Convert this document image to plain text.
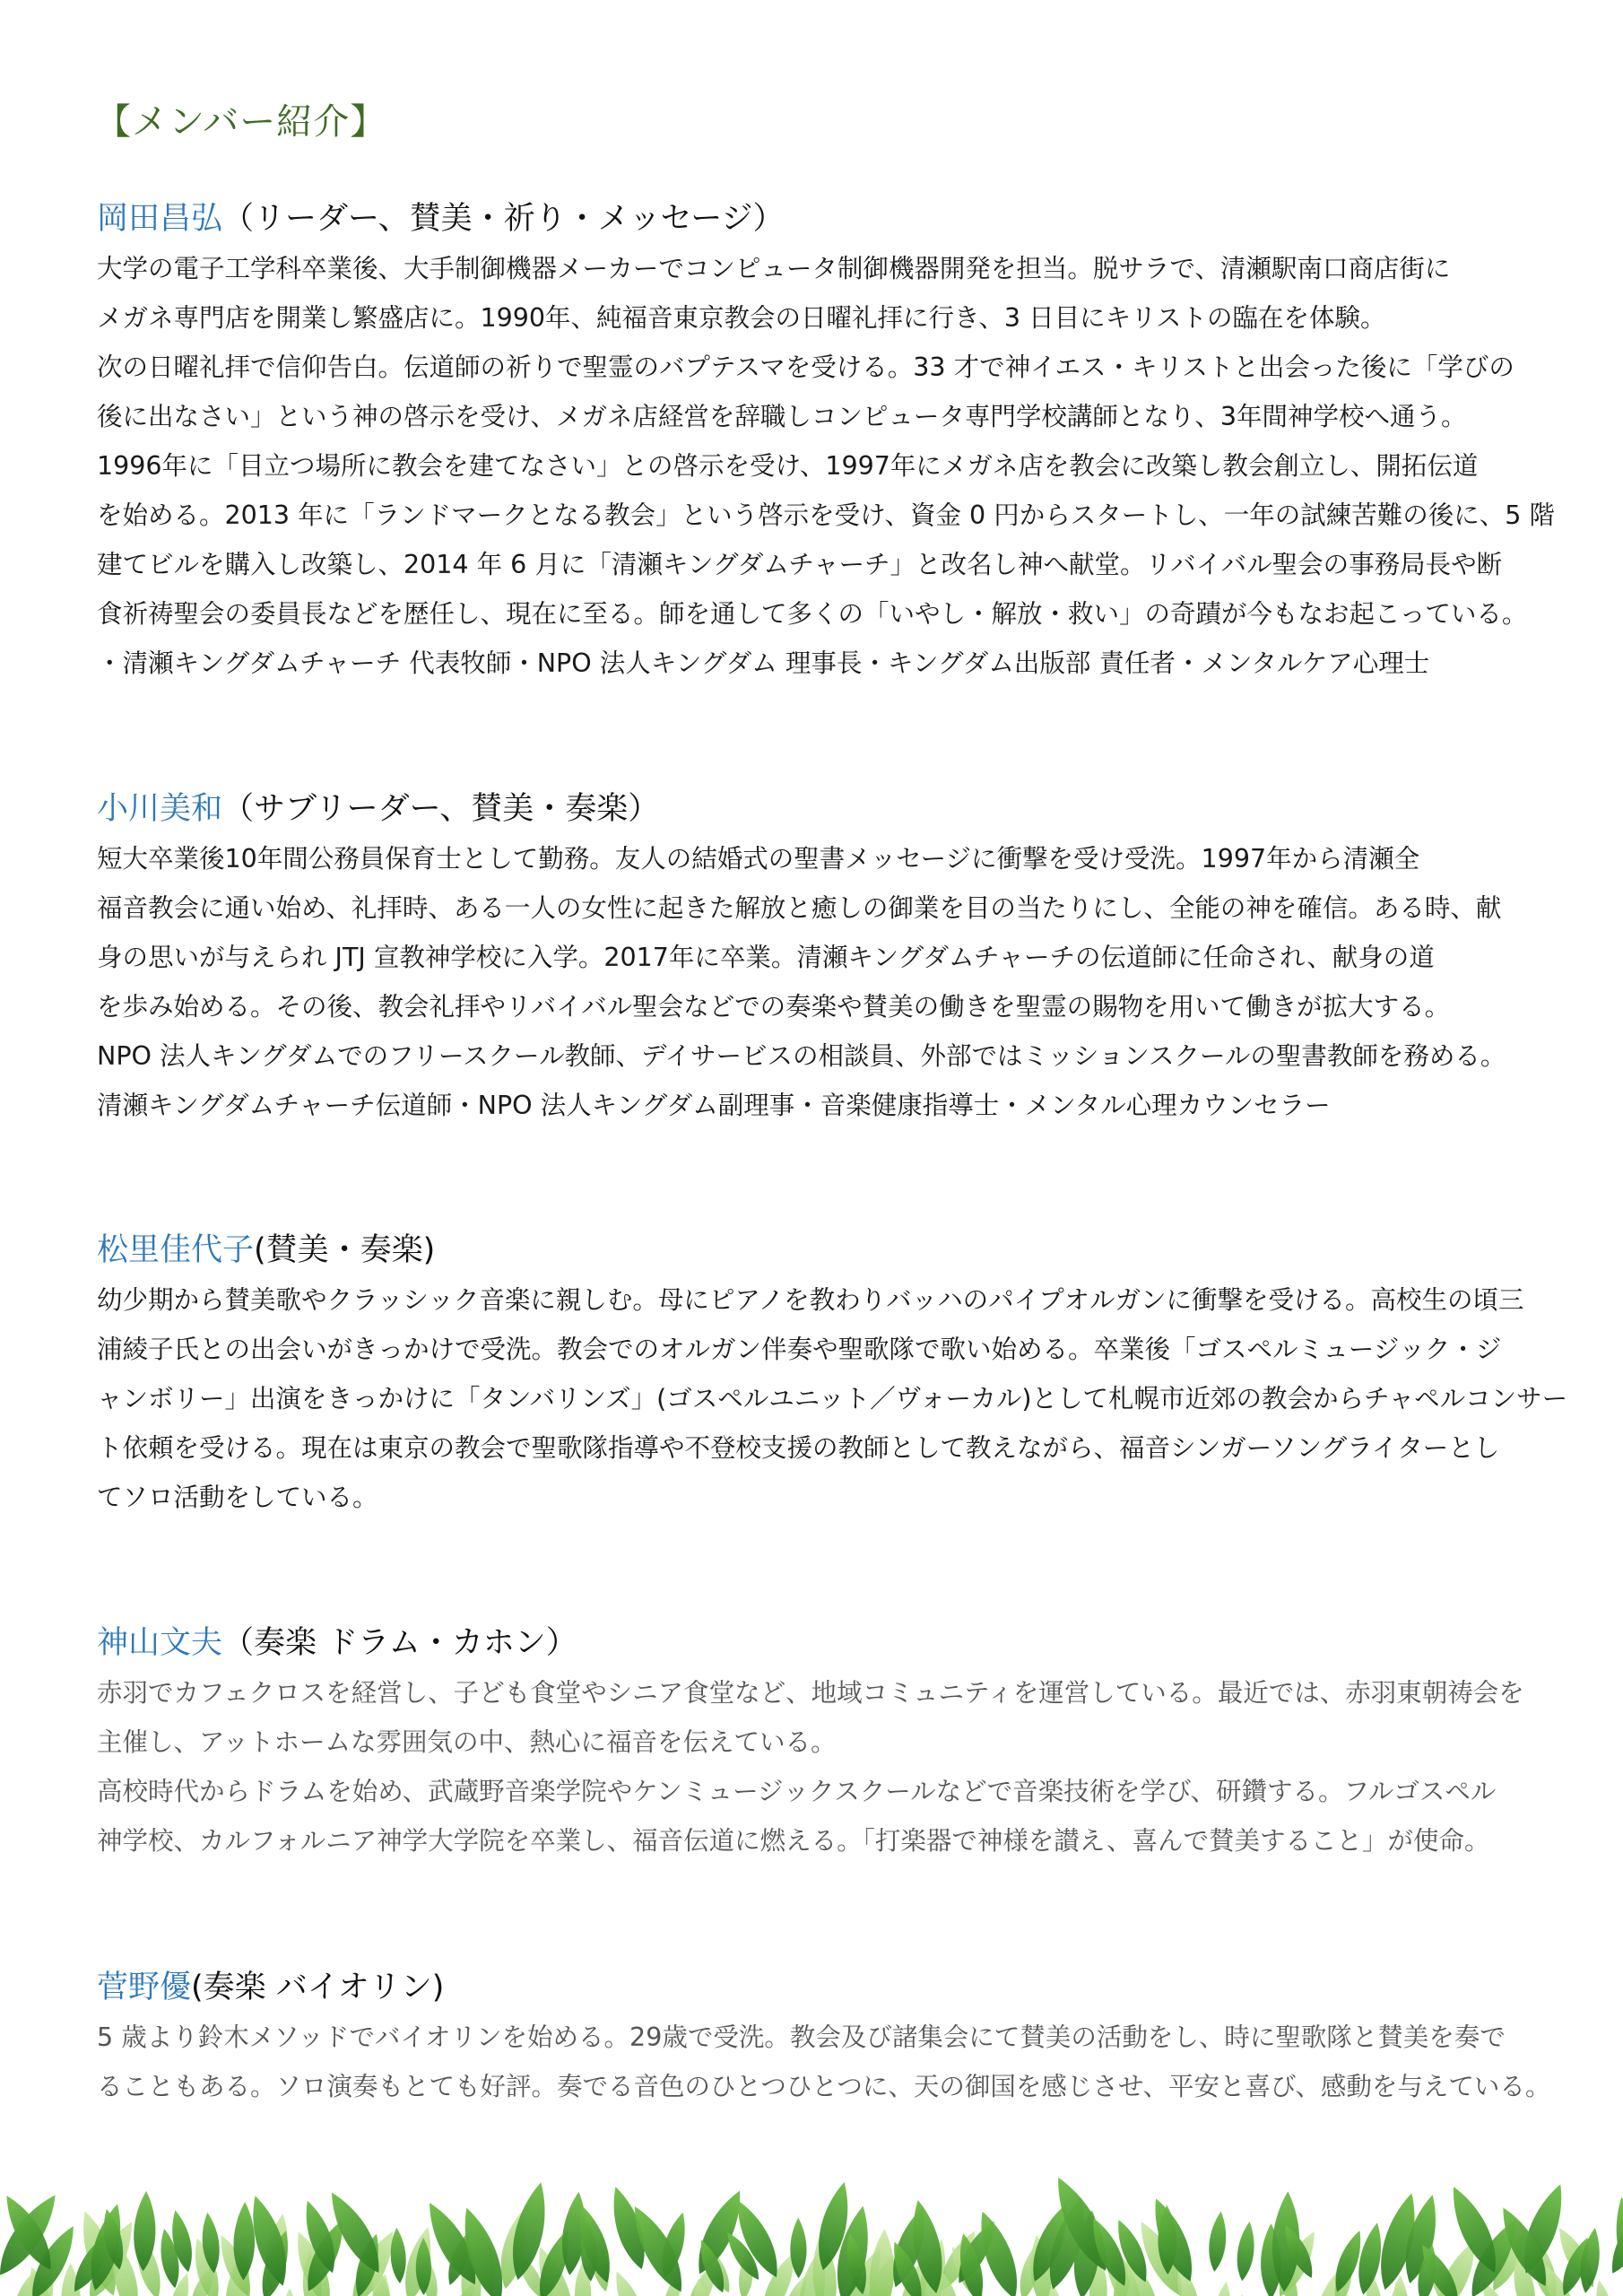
【メンバー紹介】
岡田昌弘（リーダー、賛美・祈り・メッセージ）
大学の電子工学科卒業後、大手制御機器メーカーでコンピュータ制御機器開発を担当。脱サラで、清瀬駅南口商店街に
メガネ専門店を開業し繁盛店に。1990年、純福音東京教会の日曜礼拝に行き、3 日目にキリストの臨在を体験。
次の日曜礼拝で信仰告白。伝道師の祈りで聖霊のバプテスマを受ける。33 才で神イエス・キリストと出会った後に「学びの
後に出なさい」という神の啓示を受け、メガネ店経営を辞職しコンピュータ専門学校講師となり、3年間神学校へ通う。
1996年に「目立つ場所に教会を建てなさい」との啓示を受け、1997年にメガネ店を教会に改築し教会創立し、開拓伝道
を始める。2013 年に「ランドマークとなる教会」という啓示を受け、資金 0 円からスタートし、一年の試練苦難の後に、5 階
建てビルを購入し改築し、2014 年 6 月に「清瀬キングダムチャーチ」と改名し神へ献堂。リバイバル聖会の事務局長や断
食祈祷聖会の委員長などを歴任し、現在に至る。師を通して多くの「いやし・解放・救い」の奇蹟が今もなお起こっている。
・清瀬キングダムチャーチ 代表牧師・NPO 法人キングダム 理事長・キングダム出版部 責任者・メンタルケア心理士
小川美和（サブリーダー、賛美・奏楽）
短大卒業後10年間公務員保育士として勤務。友人の結婚式の聖書メッセージに衝撃を受け受洗。1997年から清瀬全
福音教会に通い始め、礼拝時、ある一人の女性に起きた解放と癒しの御業を目の当たりにし、全能の神を確信。ある時、献
身の思いが与えられ JTJ 宣教神学校に入学。2017年に卒業。清瀬キングダムチャーチの伝道師に任命され、献身の道
を歩み始める。その後、教会礼拝やリバイバル聖会などでの奏楽や賛美の働きを聖霊の賜物を用いて働きが拡大する。
NPO 法人キングダムでのフリースクール教師、デイサービスの相談員、外部ではミッションスクールの聖書教師を務める。
清瀬キングダムチャーチ伝道師・NPO 法人キングダム副理事・音楽健康指導士・メンタル心理カウンセラー
松里佳代子(賛美・奏楽)
幼少期から賛美歌やクラッシック音楽に親しむ。母にピアノを教わりバッハのパイプオルガンに衝撃を受ける。高校生の頃三
浦綾子氏との出会いがきっかけで受洗。教会でのオルガン伴奏や聖歌隊で歌い始める。卒業後「ゴスペルミュージック・ジ
ャンボリー」出演をきっかけに「タンバリンズ」(ゴスペルユニット／ヴォーカル)として札幌市近郊の教会からチャペルコンサー
ト依頼を受ける。現在は東京の教会で聖歌隊指導や不登校支援の教師として教えながら、福音シンガーソングライターとし
てソロ活動をしている。
神山文夫（奏楽 ドラム・カホン）
赤羽でカフェクロスを経営し、子ども食堂やシニア食堂など、地域コミュニティを運営している。最近では、赤羽東朝祷会を
主催し、アットホームな雰囲気の中、熱心に福音を伝えている。
高校時代からドラムを始め、武蔵野音楽学院やケンミュージックスクールなどで音楽技術を学び、研鑽する。フルゴスペル
神学校、カルフォルニア神学大学院を卒業し、福音伝道に燃える。「打楽器で神様を讃え、喜んで賛美すること」が使命。
菅野優(奏楽 バイオリン)
5 歳より鈴木メソッドでバイオリンを始める。29歳で受洗。教会及び諸集会にて賛美の活動をし、時に聖歌隊と賛美を奏で
ることもある。ソロ演奏もとても好評。奏でる音色のひとつひとつに、天の御国を感じさせ、平安と喜び、感動を与えている。
